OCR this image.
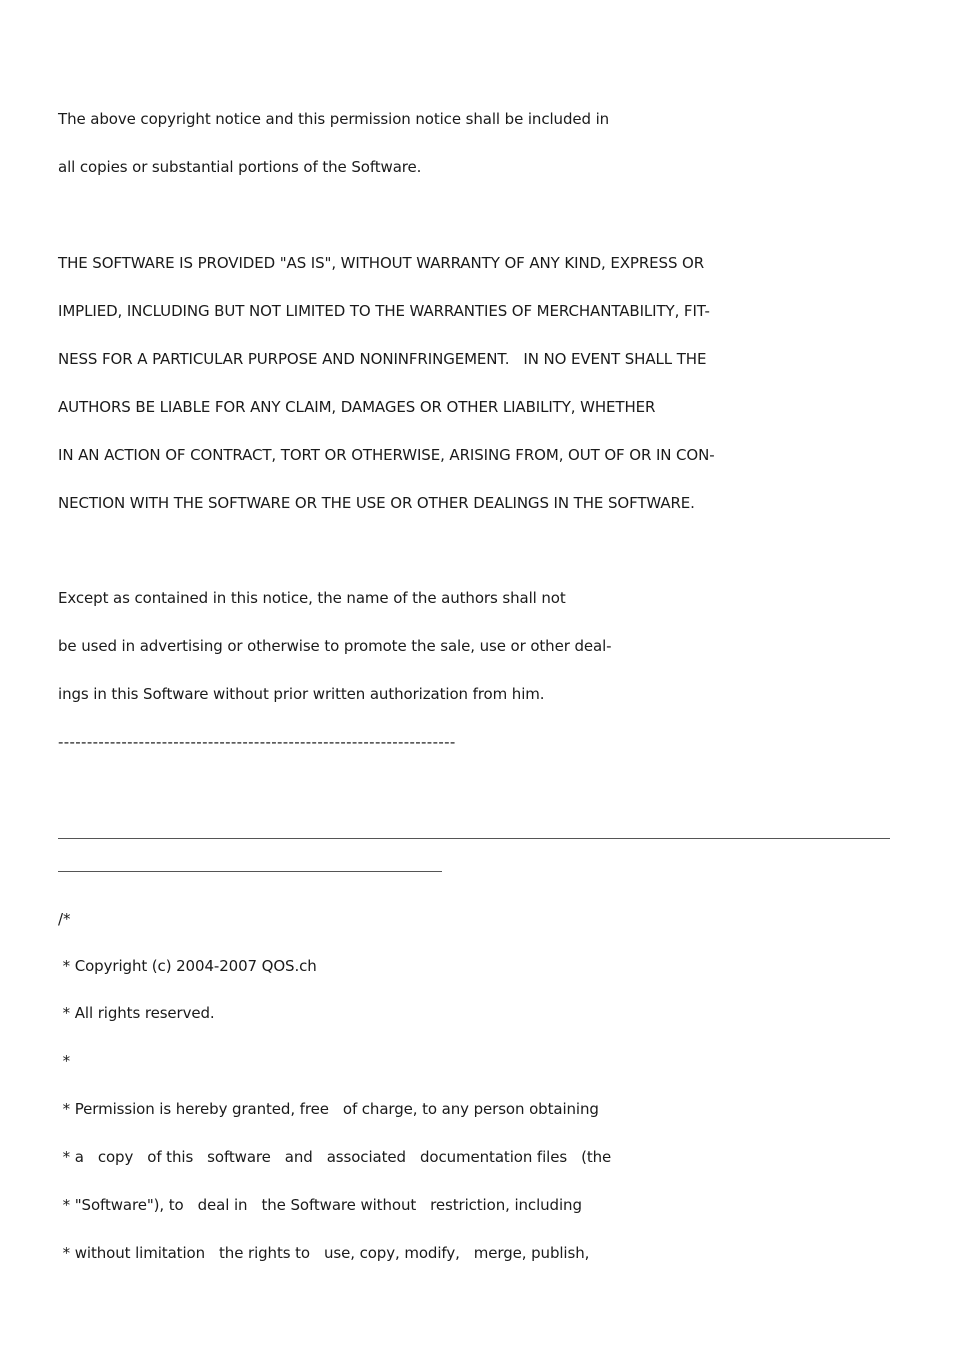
The above copyright notice and this permission notice shall be included in
all copies or substantial portions of the Software.
THE SOFTWARE IS PROVIDED "AS IS", WITHOUT WARRANTY OF ANY KIND, EXPRESS OR
IMPLIED, INCLUDING BUT NOT LIMITED TO THE WARRANTIES OF MERCHANTABILITY, FIT-
NESS FOR A PARTICULAR PURPOSE AND NONINFRINGEMENT.   IN NO EVENT SHALL THE
AUTHORS BE LIABLE FOR ANY CLAIM, DAMAGES OR OTHER LIABILITY, WHETHER
IN AN ACTION OF CONTRACT, TORT OR OTHERWISE, ARISING FROM, OUT OF OR IN CON-
NECTION WITH THE SOFTWARE OR THE USE OR OTHER DEALINGS IN THE SOFTWARE.
Except as contained in this notice, the name of the authors shall not
be used in advertising or otherwise to promote the sale, use or other deal-
ings in this Software without prior written authorization from him.
---------------------------------------------------------------------
/*
* Copyright (c) 2004-2007 QOS.ch
* All rights reserved.
*
* Permission is hereby granted, free   of charge, to any person obtaining
* a   copy   of this   software   and   associated   documentation files   (the
* "Software"), to   deal in   the Software without   restriction, including
* without limitation   the rights to   use, copy, modify,   merge, publish,
